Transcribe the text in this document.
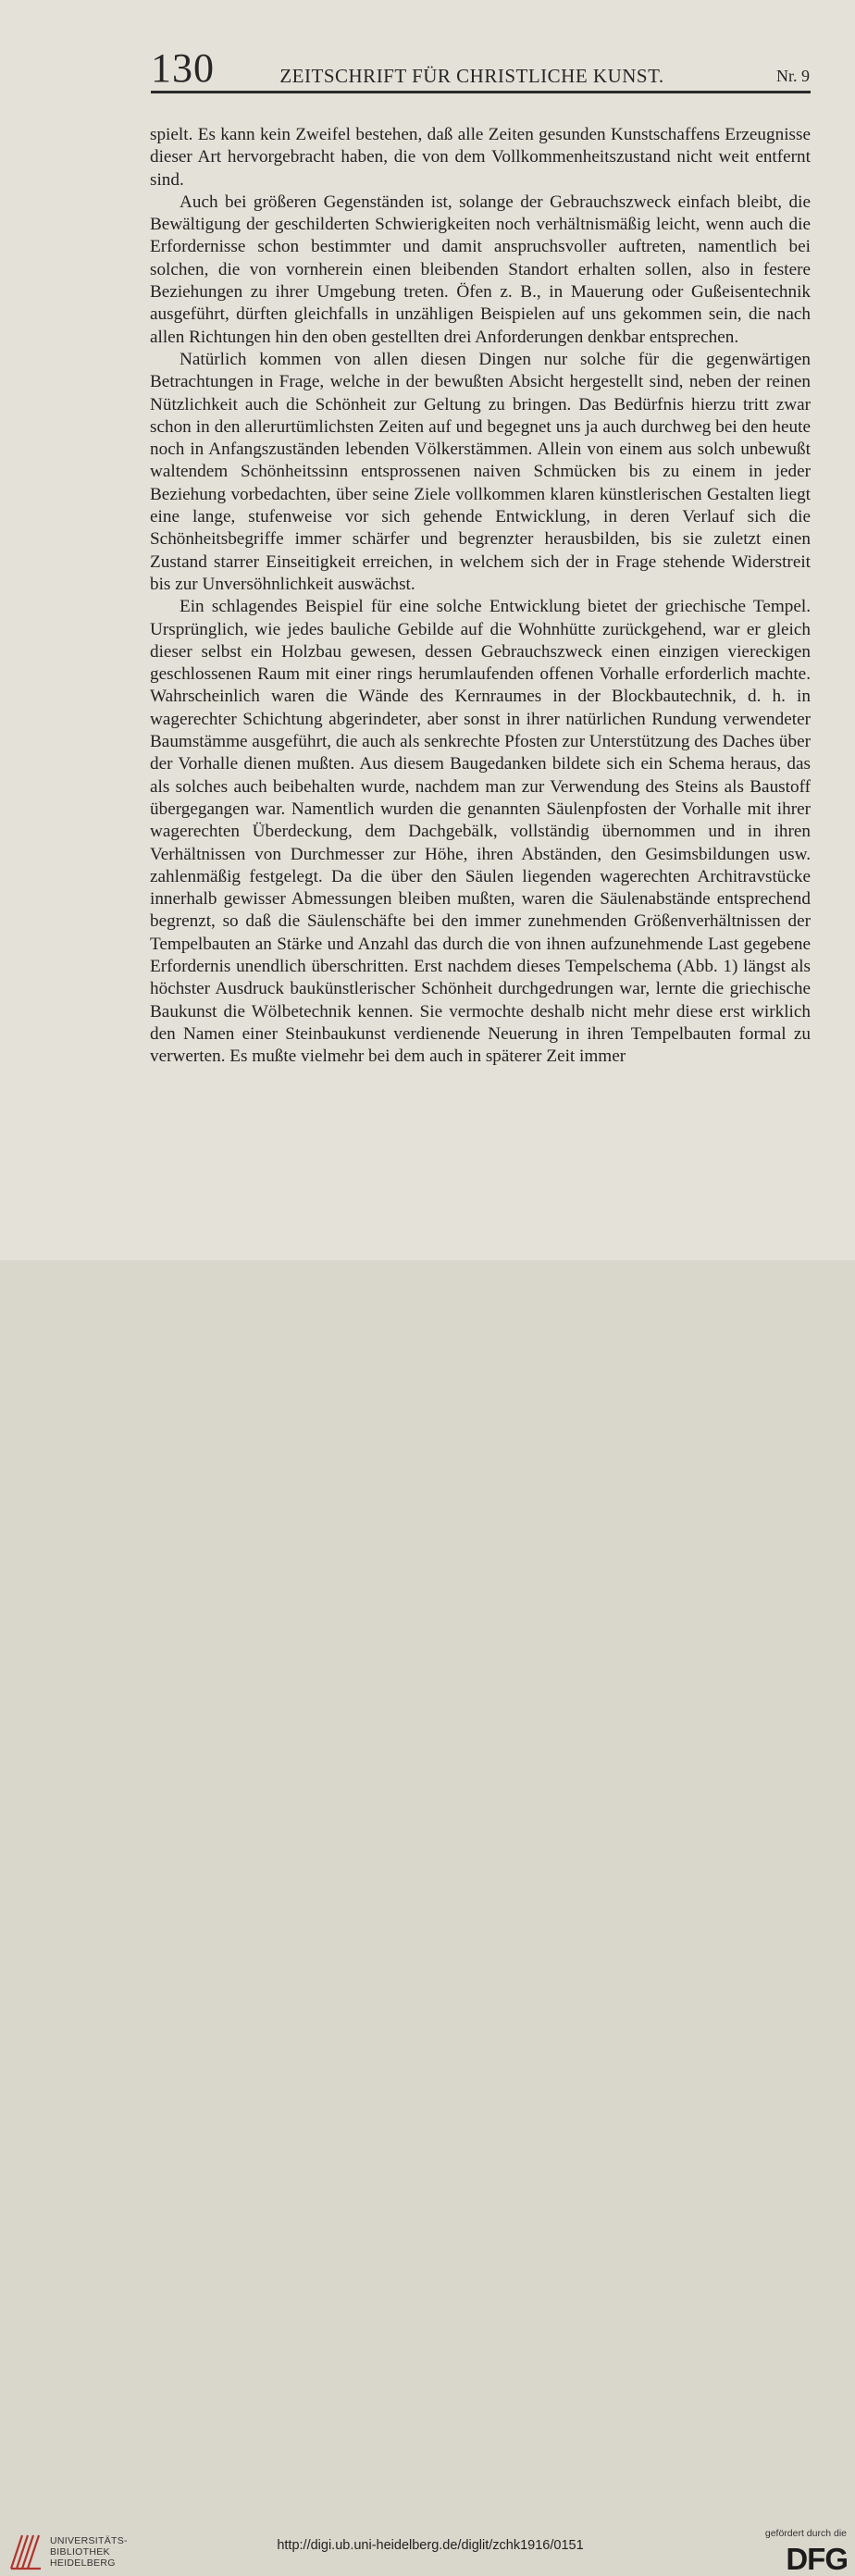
130	ZEITSCHRIFT FÜR CHRISTLICHE KUNST.	Nr. 9

spielt. Es kann kein Zweifel bestehen, daß alle Zeiten gesunden Kunstschaffens Erzeugnisse dieser Art hervorgebracht haben, die von dem Vollkommenheitszustand nicht weit entfernt sind.

Auch bei größeren Gegenständen ist, solange der Gebrauchszweck einfach bleibt, die Bewältigung der geschilderten Schwierigkeiten noch verhältnismäßig leicht, wenn auch die Erfordernisse schon bestimmter und damit anspruchsvoller auftreten, namentlich bei solchen, die von vornherein einen bleibenden Standort erhalten sollen, also in festere Beziehungen zu ihrer Umgebung treten. Öfen z. B., in Mauerung oder Gußeisentechnik ausgeführt, dürften gleichfalls in unzähligen Beispielen auf uns gekommen sein, die nach allen Richtungen hin den oben gestellten drei Anforderungen denkbar entsprechen.

Natürlich kommen von allen diesen Dingen nur solche für die gegenwärtigen Betrachtungen in Frage, welche in der bewußten Absicht hergestellt sind, neben der reinen Nützlichkeit auch die Schönheit zur Geltung zu bringen. Das Bedürfnis hierzu tritt zwar schon in den allerurtümlichsten Zeiten auf und begegnet uns ja auch durchweg bei den heute noch in Anfangszuständen lebenden Völkerstämmen. Allein von einem aus solch unbewußt waltendem Schönheitssinn entsprossenen naiven Schmücken bis zu einem in jeder Beziehung vorbedachten, über seine Ziele vollkommen klaren künstlerischen Gestalten liegt eine lange, stufenweise vor sich gehende Entwicklung, in deren Verlauf sich die Schönheitsbegriffe immer schärfer und begrenzter herausbilden, bis sie zuletzt einen Zustand starrer Einseitigkeit erreichen, in welchem sich der in Frage stehende Widerstreit bis zur Unversöhnlichkeit auswächst.

Ein schlagendes Beispiel für eine solche Entwicklung bietet der griechische Tempel. Ursprünglich, wie jedes bauliche Gebilde auf die Wohnhütte zurückgehend, war er gleich dieser selbst ein Holzbau gewesen, dessen Gebrauchszweck einen einzigen viereckigen geschlossenen Raum mit einer rings herumlaufenden offenen Vorhalle erforderlich machte. Wahrscheinlich waren die Wände des Kernraumes in der Blockbautechnik, d. h. in wagerechter Schichtung abgerindeter, aber sonst in ihrer natürlichen Rundung verwendeter Baumstämme ausgeführt, die auch als senkrechte Pfosten zur Unterstützung des Daches über der Vorhalle dienen mußten. Aus diesem Baugedanken bildete sich ein Schema heraus, das als solches auch beibehalten wurde, nachdem man zur Verwendung des Steins als Baustoff übergegangen war. Namentlich wurden die genannten Säulenpfosten der Vorhalle mit ihrer wagerechten Überdeckung, dem Dachgebälk, vollständig übernommen und in ihren Verhältnissen von Durchmesser zur Höhe, ihren Abständen, den Gesimsbildungen usw. zahlenmäßig festgelegt. Da die über den Säulen liegenden wagerechten Architravstücke innerhalb gewisser Abmessungen bleiben mußten, waren die Säulenabstände entsprechend begrenzt, so daß die Säulenschäfte bei den immer zunehmenden Größenverhältnissen der Tempelbauten an Stärke und Anzahl das durch die von ihnen aufzunehmende Last gegebene Erfordernis unendlich überschritten. Erst nachdem dieses Tempelschema (Abb. 1) längst als höchster Ausdruck baukünstlerischer Schönheit durchgedrungen war, lernte die griechische Baukunst die Wölbetechnik kennen. Sie vermochte deshalb nicht mehr diese erst wirklich den Namen einer Steinbaukunst verdienende Neuerung in ihren Tempelbauten formal zu verwerten. Es mußte vielmehr bei dem auch in späterer Zeit immer

UNIVERSITÄTS-
BIBLIOTHEK
HEIDELBERG
http://digi.ub.uni-heidelberg.de/diglit/zchk1916/0151
gefördert durch die
DFG
